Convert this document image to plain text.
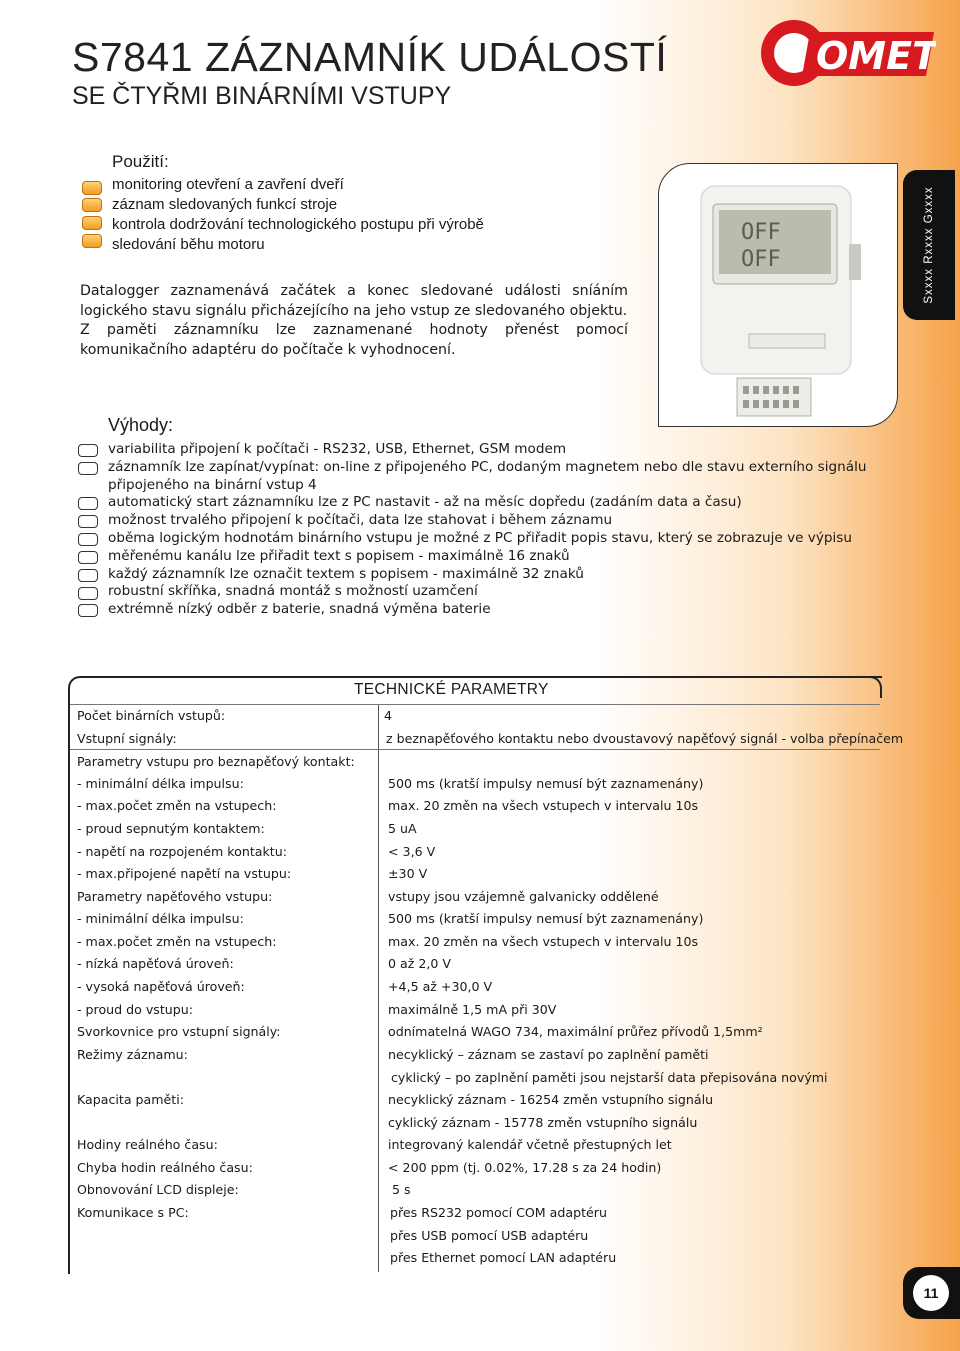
S7841 ZÁZNAMNÍK UDÁLOSTÍ
SE ČTYŘMI BINÁRNÍMI VSTUPY
OMET
Použití:
monitoring otevření a zavření dveří
záznam sledovaných funkcí stroje
kontrola dodržování technologického postupu při výrobě
sledování běhu motoru

Datalogger zaznamenává začátek a konec sledované události sníáním logického stavu signálu přicházejícího na jeho vstup ze sledovaného objektu.

Z paměti záznamníku lze zaznamenané hodnoty přenést pomocí komunikačního adaptéru do počítače k vyhodnocení.

OFF
OFF	Sxxxx Rxxxx Gxxxx
Výhody:
variabilita připojení k počítači - RS232, USB, Ethernet, GSM modem
záznamník lze zapínat/vypínat: on-line z připojeného PC, dodaným magnetem nebo dle stavu externího signálu
připojeného na binární vstup 4
automatický start záznamníku lze z PC nastavit - až na měsíc dopředu (zadáním data a času)
možnost trvalého připojení k počítači, data lze stahovat i během záznamu
oběma logickým hodnotám binárního vstupu je možné z PC přiřadit popis stavu, který se zobrazuje ve výpisu
měřenému kanálu lze přiřadit text s popisem - maximálně 16 znaků
každý záznamník lze označit textem s popisem - maximálně 32 znaků
robustní skříňka, snadná montáž s možností uzamčení
extrémně nízký odběr z baterie, snadná výměna baterie
TECHNICKÉ PARAMETRY
Počet binárních vstupů:
Vstupní signály:
Parametry vstupu pro beznapěťový kontakt:
- minimální délka impulsu:
- max.počet změn na vstupech:
- proud sepnutým kontaktem:
- napětí na rozpojeném kontaktu:
- max.připojené napětí na vstupu:
Parametry napěťového vstupu:
- minimální délka impulsu:
- max.počet změn na vstupech:
- nízká napěťová úroveň:
- vysoká napěťová úroveň:
- proud do vstupu:
Svorkovnice pro vstupní signály:
Režimy záznamu:
Kapacita paměti:
Hodiny reálného času:
Chyba hodin reálného času:
Obnovování LCD displeje:
Komunikace s PC:
4
z beznapěťového kontaktu nebo dvoustavový napěťový signál - volba přepínačem
500 ms (kratší impulsy nemusí být zaznamenány)
max. 20 změn na všech vstupech v intervalu 10s
5 uA
< 3,6 V
±30 V
vstupy jsou vzájemně galvanicky oddělené
500 ms (kratší impulsy nemusí být zaznamenány)
max. 20 změn na všech vstupech v intervalu 10s
0 až 2,0 V
+4,5 až +30,0 V
maximálně 1,5 mA při 30V
odnímatelná WAGO 734, maximální průřez přívodů 1,5mm²
necyklický – záznam se zastaví po zaplnění paměti
cyklický – po zaplnění paměti jsou nejstarší data přepisována novými
necyklický záznam - 16254 změn vstupního signálu
cyklický záznam - 15778 změn vstupního signálu
integrovaný kalendář včetně přestupných let
< 200 ppm (tj. 0.02%, 17.28 s za 24 hodin)
5 s
přes RS232 pomocí COM adaptéru
přes USB pomocí USB adaptéru
přes Ethernet pomocí LAN adaptéru
11
